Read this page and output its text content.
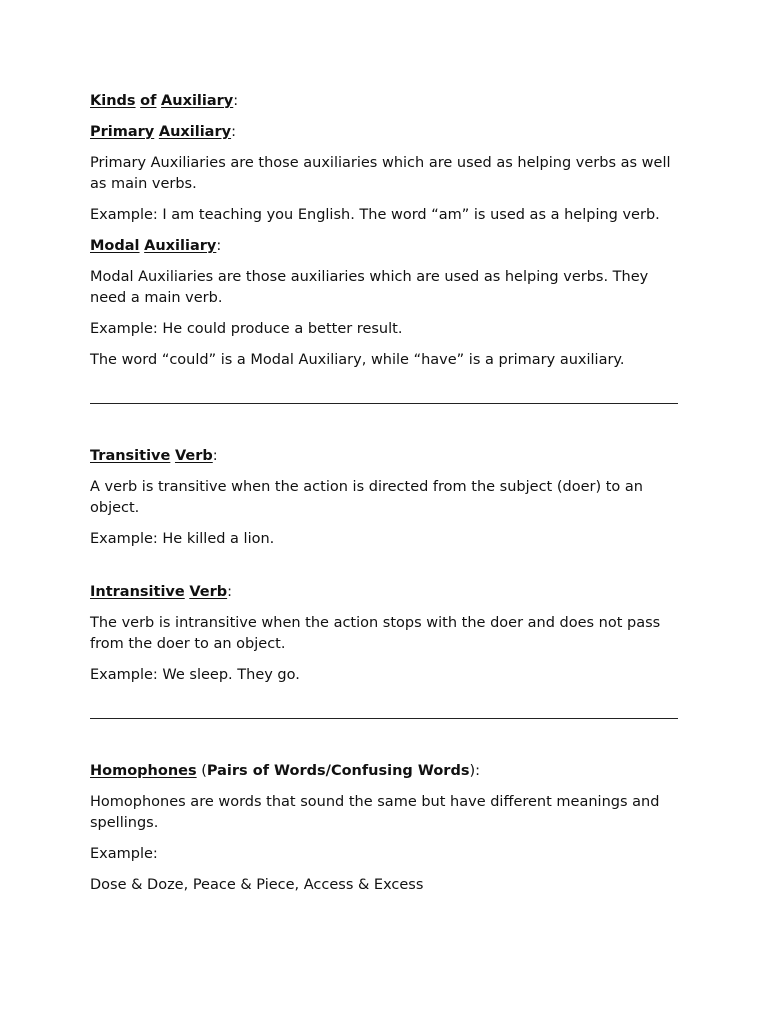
Kinds of Auxiliary:

Primary Auxiliary:

Primary Auxiliaries are those auxiliaries which are used as helping verbs as well as main verbs.

Example: I am teaching you English. The word “am” is used as a helping verb.

Modal Auxiliary:

Modal Auxiliaries are those auxiliaries which are used as helping verbs. They need a main verb.

Example: He could produce a better result.

The word “could” is a Modal Auxiliary, while “have” is a primary auxiliary.

Transitive Verb:

A verb is transitive when the action is directed from the subject (doer) to an object.

Example: He killed a lion.

Intransitive Verb:

The verb is intransitive when the action stops with the doer and does not pass from the doer to an object.

Example: We sleep. They go.

Homophones (Pairs of Words/Confusing Words):

Homophones are words that sound the same but have different meanings and spellings.

Example:

Dose & Doze, Peace & Piece, Access & Excess
